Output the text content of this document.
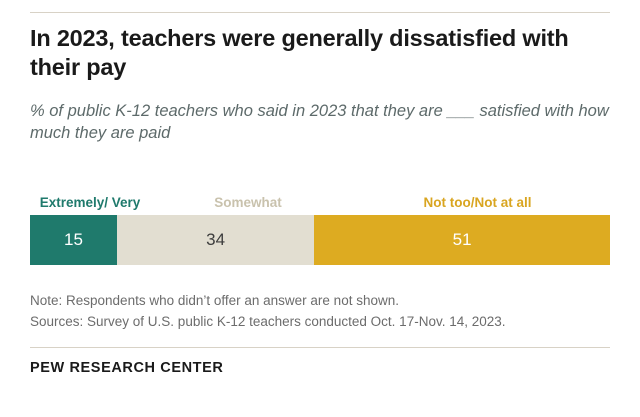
In 2023, teachers were generally dissatisfied with their pay

% of public K-12 teachers who said in 2023 that they are ___ satisfied with how much they are paid

Extremely/ Very	Somewhat	Not too/Not at all
15	34	51
Note: Respondents who didn’t offer an answer are not shown.
Sources: Survey of U.S. public K-12 teachers conducted Oct. 17-Nov. 14, 2023.
PEW RESEARCH CENTER
